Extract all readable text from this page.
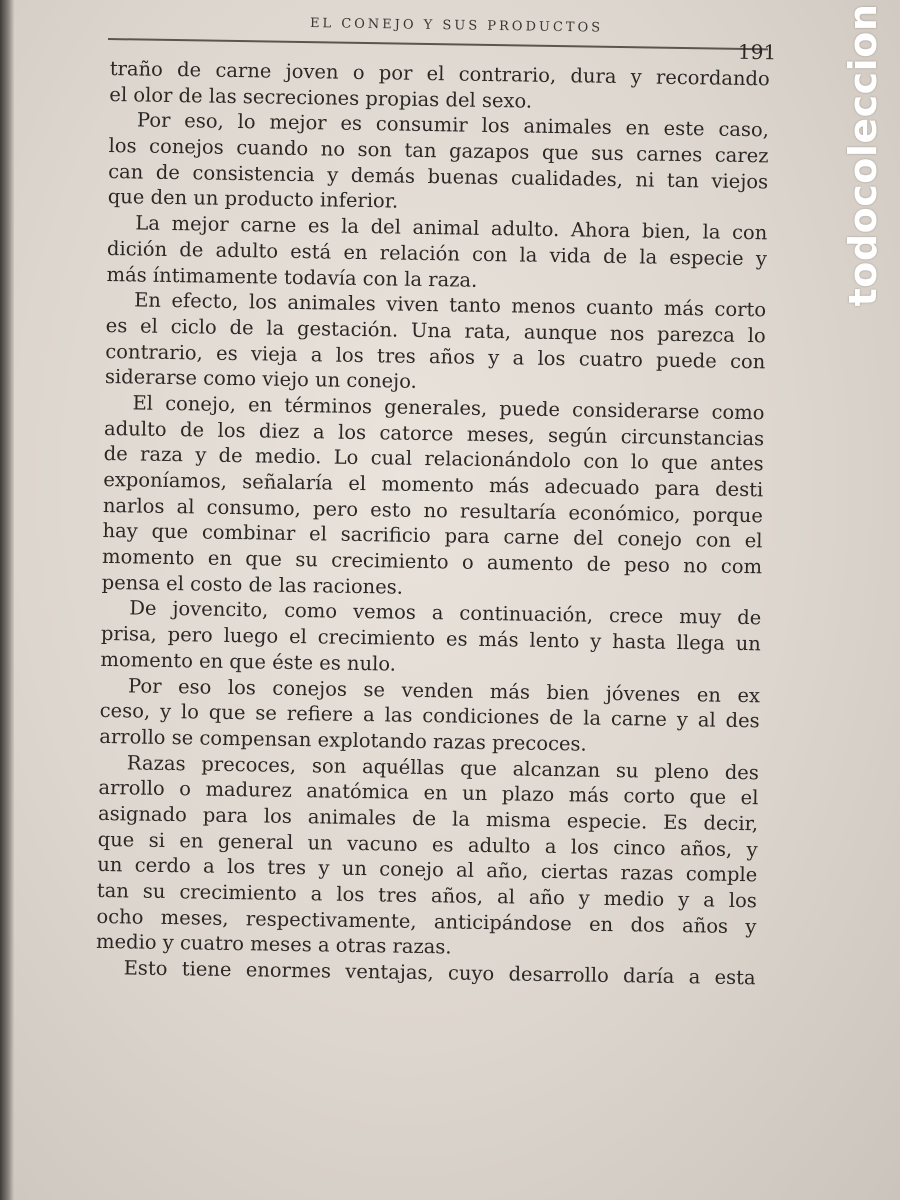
EL CONEJO Y SUS PRODUCTOS
191
traño de carne joven o por el contrario, dura y recordando
el olor de las secreciones propias del sexo.
Por eso, lo mejor es consumir los animales en este caso,
los conejos cuando no son tan gazapos que sus carnes carez
can de consistencia y demás buenas cualidades, ni tan viejos
que den un producto inferior.
La mejor carne es la del animal adulto. Ahora bien, la con
dición de adulto está en relación con la vida de la especie y
más íntimamente todavía con la raza.
En efecto, los animales viven tanto menos cuanto más corto
es el ciclo de la gestación. Una rata, aunque nos parezca lo
contrario, es vieja a los tres años y a los cuatro puede con
siderarse como viejo un conejo.
El conejo, en términos generales, puede considerarse como
adulto de los diez a los catorce meses, según circunstancias
de raza y de medio. Lo cual relacionándolo con lo que antes
exponíamos, señalaría el momento más adecuado para desti
narlos al consumo, pero esto no resultaría económico, porque
hay que combinar el sacrificio para carne del conejo con el
momento en que su crecimiento o aumento de peso no com
pensa el costo de las raciones.
De jovencito, como vemos a continuación, crece muy de
prisa, pero luego el crecimiento es más lento y hasta llega un
momento en que éste es nulo.
Por eso los conejos se venden más bien jóvenes en ex
ceso, y lo que se refiere a las condiciones de la carne y al des
arrollo se compensan explotando razas precoces.
Razas precoces, son aquéllas que alcanzan su pleno des
arrollo o madurez anatómica en un plazo más corto que el
asignado para los animales de la misma especie. Es decir,
que si en general un vacuno es adulto a los cinco años, y
un cerdo a los tres y un conejo al año, ciertas razas comple
tan su crecimiento a los tres años, al año y medio y a los
ocho meses, respectivamente, anticipándose en dos años y
medio y cuatro meses a otras razas.
Esto tiene enormes ventajas, cuyo desarrollo daría a esta
todocoleccion
